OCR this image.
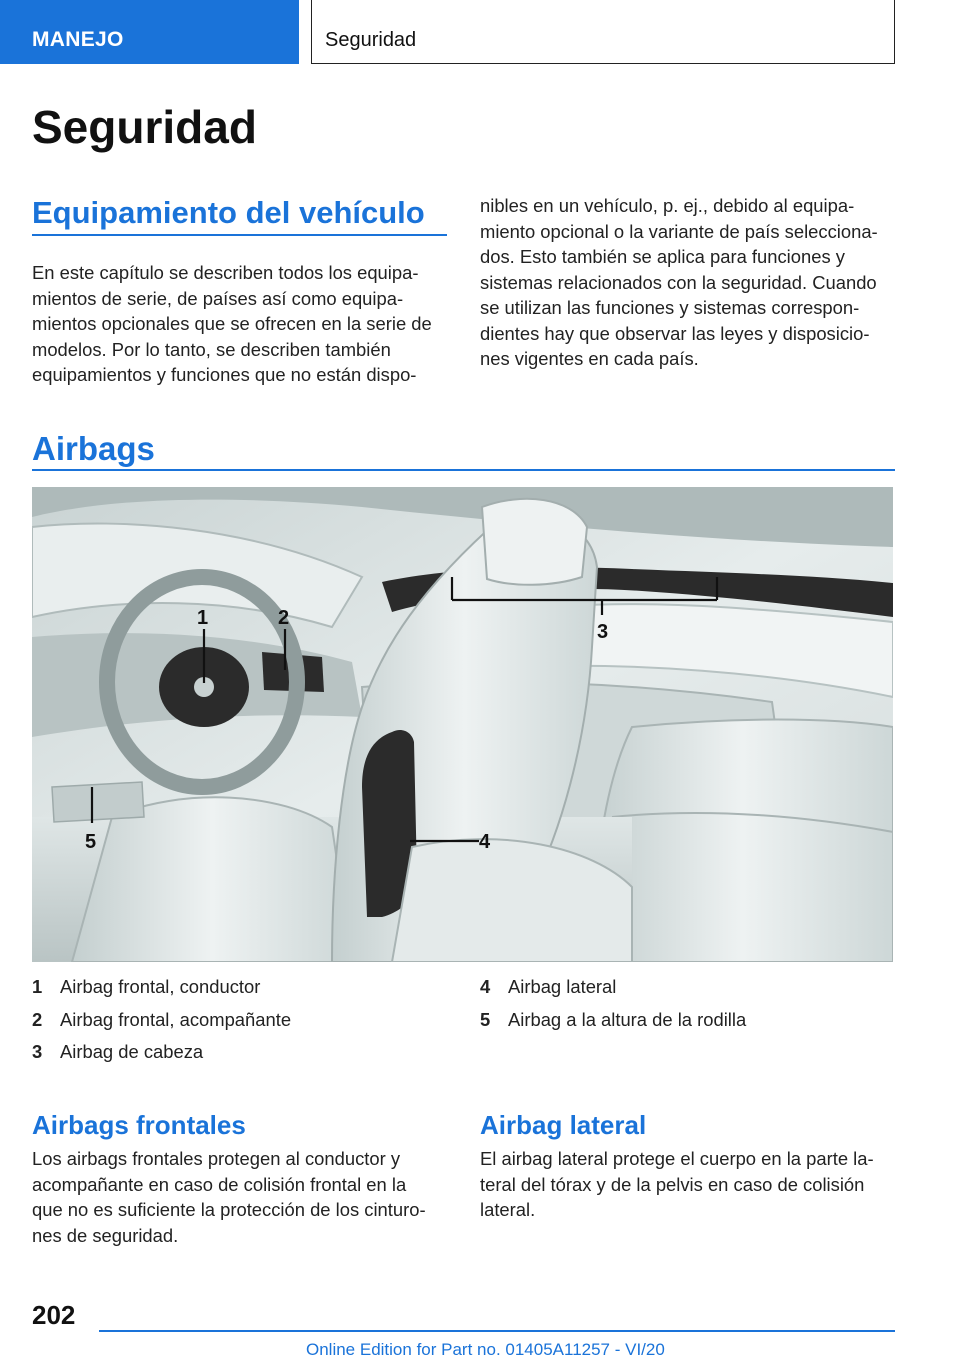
MANEJO	Seguridad
Seguridad
Equipamiento del vehículo

En este capítulo se describen todos los equipa-

mientos de serie, de países así como equipa-

mientos opcionales que se ofrecen en la serie de

modelos. Por lo tanto, se describen también

equipamientos y funciones que no están dispo-

nibles en un vehículo, p. ej., debido al equipa-

miento opcional o la variante de país selecciona-

dos. Esto también se aplica para funciones y

sistemas relacionados con la seguridad. Cuando

se utilizan las funciones y sistemas correspon-

dientes hay que observar las leyes y disposicio-

nes vigentes en cada país.

Airbags
1	2
3
4
5
1 Airbag frontal, conductor
2 Airbag frontal, acompañante
3 Airbag de cabeza
4 Airbag lateral
5 Airbag a la altura de la rodilla
Airbags frontales

Los airbags frontales protegen al conductor y

acompañante en caso de colisión frontal en la

que no es suficiente la protección de los cinturo-

nes de seguridad.

Airbag lateral

El airbag lateral protege el cuerpo en la parte la-

teral del tórax y de la pelvis en caso de colisión

lateral.

202
Online Edition for Part no. 01405A11257 - VI/20
